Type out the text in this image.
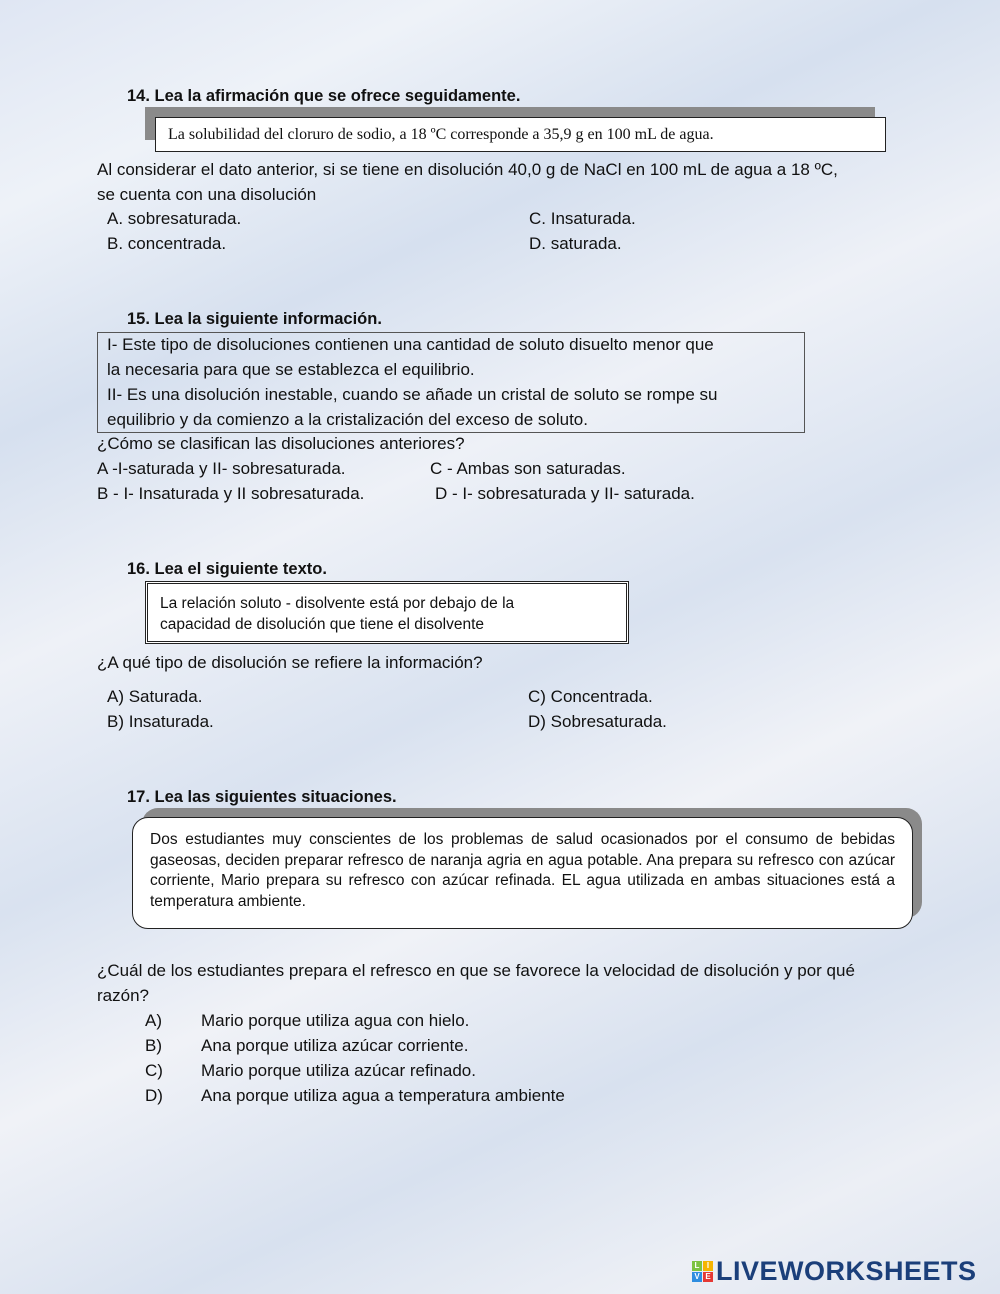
14. Lea la afirmación que se ofrece seguidamente.
La solubilidad del cloruro de sodio, a 18 ºC corresponde a 35,9 g en 100 mL de agua.
Al considerar el dato anterior, si se tiene en disolución 40,0 g de NaCl en 100 mL de agua a 18 ºC,
se cuenta con una disolución
A. sobresaturada.
B. concentrada.
C. Insaturada.
D. saturada.
15. Lea la siguiente información.
I- Este tipo de disoluciones contienen una cantidad de soluto disuelto menor que
la necesaria para que se establezca el equilibrio.
II- Es una disolución inestable, cuando se añade un cristal de soluto se rompe su
equilibrio y da comienzo a la cristalización del exceso de soluto.
¿Cómo se clasifican las disoluciones anteriores?
A -I-saturada y II- sobresaturada.
B - I- Insaturada y II sobresaturada.
C - Ambas son saturadas.
D - I- sobresaturada y II- saturada.
16. Lea el siguiente texto.
La relación soluto - disolvente está por debajo de la
capacidad de disolución que tiene el disolvente
¿A qué tipo de disolución se refiere la información?
A) Saturada.
B) Insaturada.
C) Concentrada.
D) Sobresaturada.
17. Lea las siguientes situaciones.
Dos estudiantes muy conscientes de los problemas de salud ocasionados por el consumo de bebidas gaseosas, deciden preparar refresco de naranja agria en agua potable. Ana prepara su refresco con azúcar corriente, Mario prepara su refresco con azúcar refinada. EL agua utilizada en ambas situaciones está a temperatura ambiente.
¿Cuál de los estudiantes prepara el refresco en que se favorece la velocidad de disolución y por qué
razón?
A) Mario porque utiliza agua con hielo.
B) Ana porque utiliza azúcar corriente.
C) Mario porque utiliza azúcar refinado.
D) Ana porque utiliza agua a temperatura ambiente
L I
V E LIVEWORKSHEETS
